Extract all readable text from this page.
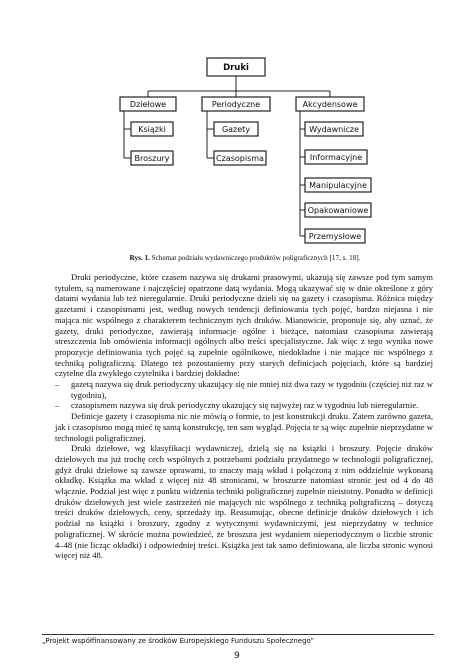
Druki
Dziełowe	Periodyczne	Akcydensowe
Książki
Broszury
Gazety
Czasopisma
Wydawnicze
Informacyjne
Manipulacyjne
Opakowaniowe
Przemysłowe
Rys. 1. Schemat podziału wydawniczego produktów poligraficznych [17, s. 18].

Druki periodyczne, które czasem nazywa się drukami prasowymi, ukazują się zawsze pod tym samym tytułem, są numerowane i najczęściej opatrzone datą wydania. Mogą ukazywać się w dnie określone z góry datami wydania lub też nieregularnie. Druki periodyczne dzieli się na gazety i czasopisma. Różnica między gazetami i czasopismami jest, według nowych tendencji definiowania tych pojęć, bardzo niejasna i nie mająca nic wspólnego z charakterem technicznym tych druków. Mianowicie, proponuje się, aby uznać, że gazety, druki periodyczne, zawierają informacje ogólne i bieżące, natomiast czasopisma zawierają streszczenia lub omówienia informacji ogólnych albo treści specjalistyczne. Jak więc z tego wynika nowe propozycje definiowania tych pojęć są zupełnie ogólnikowe, niedokładne i nie mające nic wspólnego z techniką poligraficzną. Dlatego też pozostaniemy przy starych definicjach pojęciach, które są bardziej czytelne dla zwykłego czytelnika i bardziej dokładne:

– gazetą nazywa się druk periodyczny ukazujący się nie mniej niż dwa razy w tygodniu (częściej niż raz w tygodniu),
– czasopismem nazywa się druk periodyczny ukazujący się najwyżej raz w tygodniu lub nieregularnie.

Definicje gazety i czasopisma nic nie mówią o formie, to jest konstrukcji druku. Zatem zarówno gazeta, jak i czasopismo mogą mieć tę samą konstrukcję, ten sam wygląd. Pojęcia te są więc zupełnie nieprzydatne w technologii poligraficznej.

Druki dziełowe, wg klasyfikacji wydawniczej, dzielą się na książki i broszury. Pojęcie druków dziełowych ma już trochę cech wspólnych z potrzebami podziału przydatnego w technologii poligraficznej, gdyż druki dziełowe są zawsze oprawami, to znaczy mają wkład i połączoną z nim oddzielnie wykonaną okładkę. Książka ma wkład z więcej niż 48 stronicami, w broszurze natomiast stronic jest od 4 do 48 włącznie. Podział jest więc z punktu widzenia techniki poligraficznej zupełnie nieistotny. Ponadto w definicji druków dziełowych jest wiele zastrzeżeń nie mających nic wspólnego z techniką poligraficzną – dotyczą treści druków dziełowych, ceny, sprzedaży itp. Reasumując, obecne definicje druków dziełowych i ich podział na książki i broszury, zgodny z wytycznymi wydawniczymi, jest nieprzydatny w technice poligraficznej. W skrócie można powiedzieć, że broszura jest wydaniem nieperiodycznym o liczbie stronic 4–48 (nie licząc okładki) i odpowiedniej treści. Książka jest tak samo definiowana, ale liczba stronic wynosi więcej niż 48.

„Projekt współfinansowany ze środków Europejskiego Funduszu Społecznego”
9
